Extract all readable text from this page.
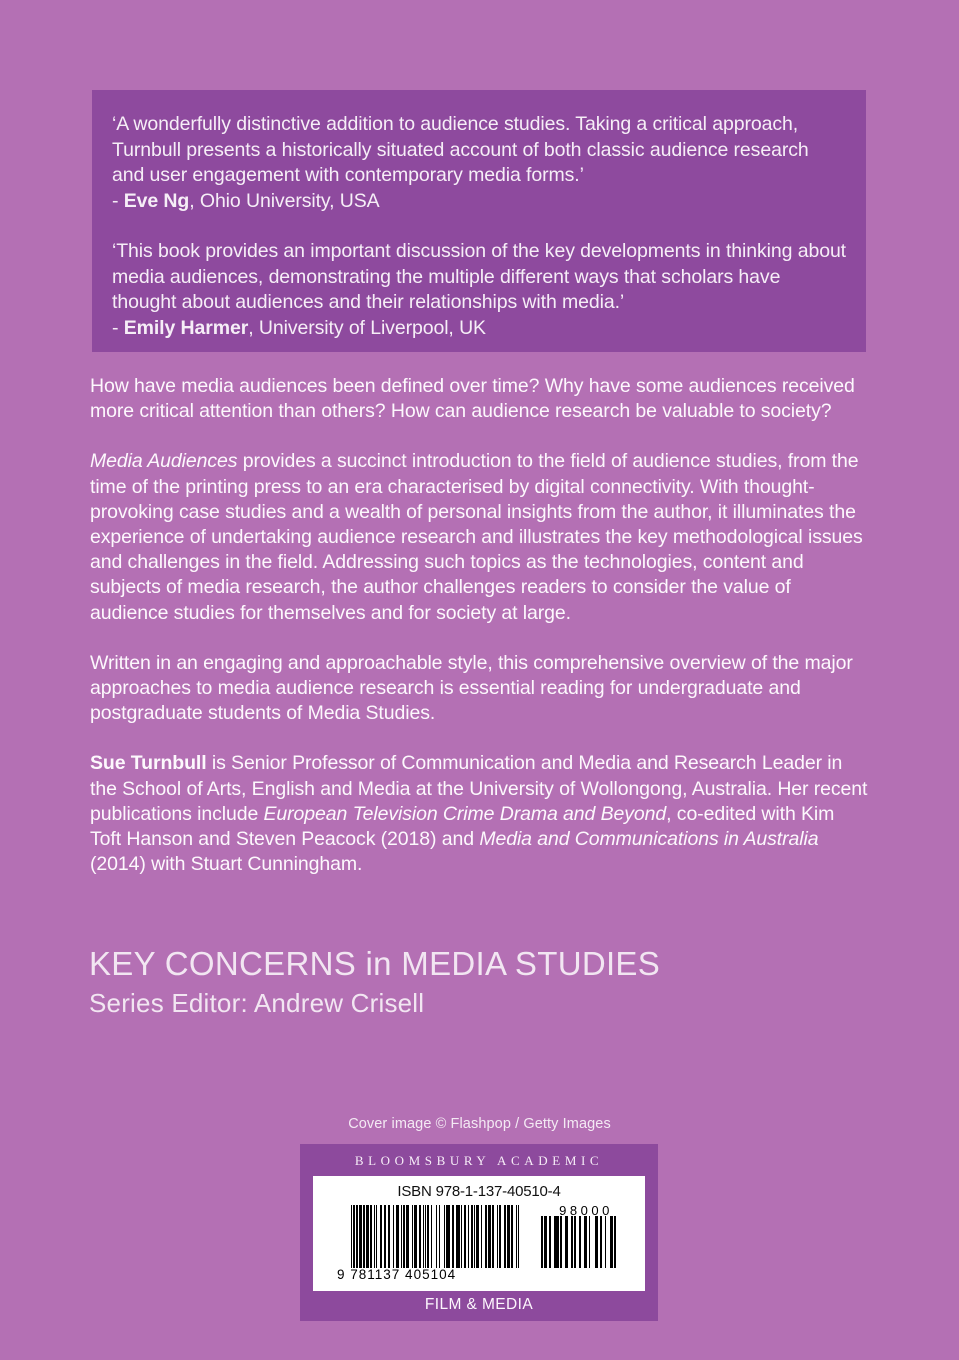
‘A wonderfully distinctive addition to audience studies. Taking a critical approach, Turnbull presents a historically situated account of both classic audience research and user engagement with contemporary media forms.’
- Eve Ng, Ohio University, USA
‘This book provides an important discussion of the key developments in thinking about media audiences, demonstrating the multiple different ways that scholars have thought about audiences and their relationships with media.’
- Emily Harmer, University of Liverpool, UK

How have media audiences been defined over time? Why have some audiences received more critical attention than others? How can audience research be valuable to society?

Media Audiences provides a succinct introduction to the field of audience studies, from the time of the printing press to an era characterised by digital connectivity. With thought-provoking case studies and a wealth of personal insights from the author, it illuminates the experience of undertaking audience research and illustrates the key methodological issues and challenges in the field. Addressing such topics as the technologies, content and subjects of media research, the author challenges readers to consider the value of audience studies for themselves and for society at large.

Written in an engaging and approachable style, this comprehensive overview of the major approaches to media audience research is essential reading for undergraduate and postgraduate students of Media Studies.

Sue Turnbull is Senior Professor of Communication and Media and Research Leader in the School of Arts, English and Media at the University of Wollongong, Australia. Her recent publications include European Television Crime Drama and Beyond, co-edited with Kim Toft Hanson and Steven Peacock (2018) and Media and Communications in Australia (2014) with Stuart Cunningham.

KEY CONCERNS in MEDIA STUDIES
Series Editor: Andrew Crisell
Cover image © Flashpop / Getty Images
BLOOMSBURY ACADEMIC
ISBN 978-1-137-40510-4
9 781137 405104
98000
FILM & MEDIA
